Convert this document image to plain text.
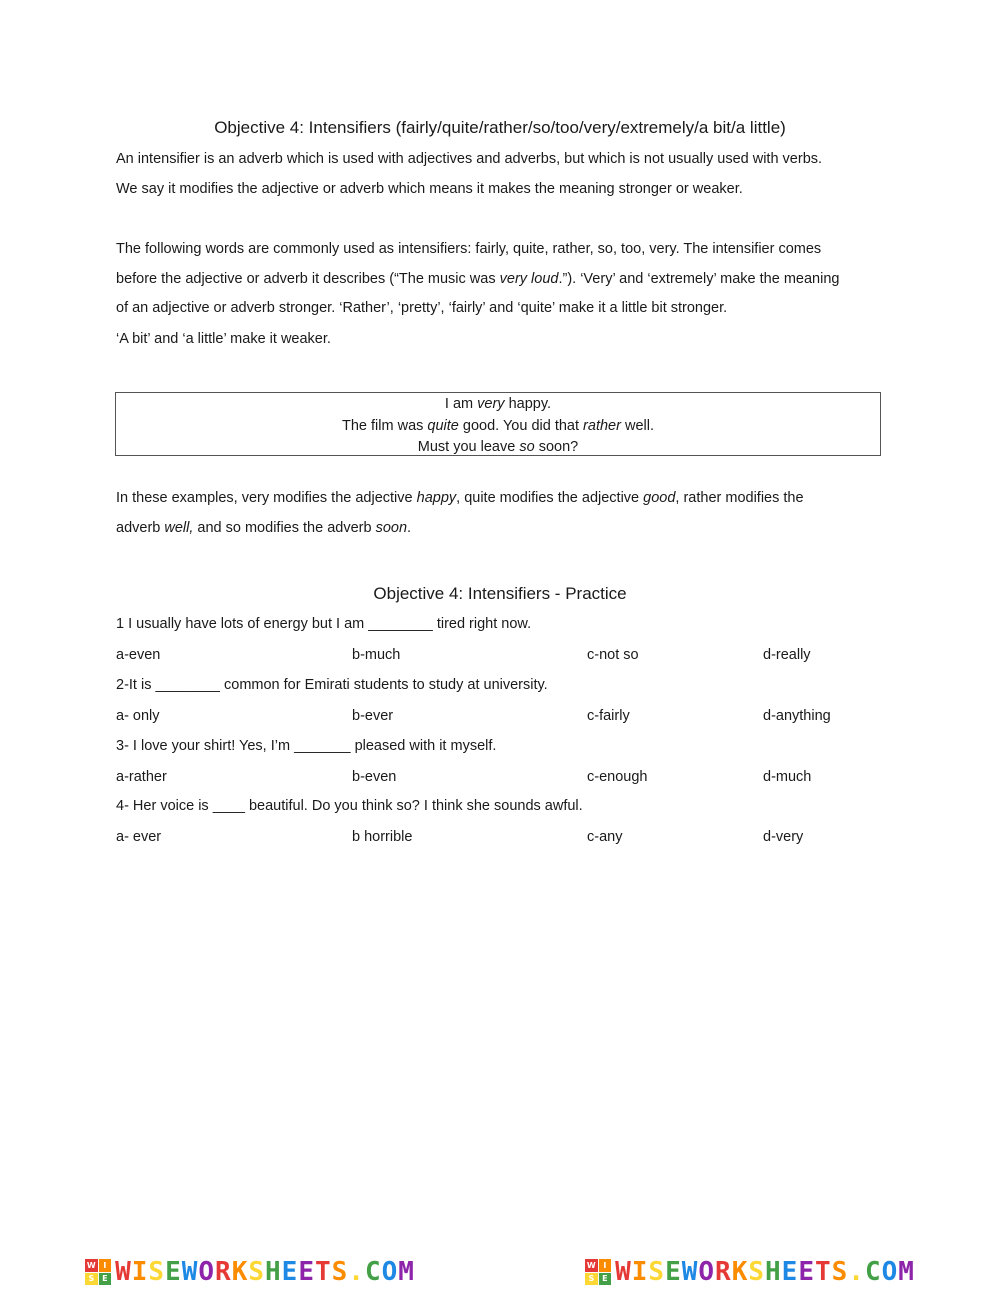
Objective 4: Intensifiers (fairly/quite/rather/so/too/very/extremely/a bit/a little)
An intensifier is an adverb which is used with adjectives and adverbs, but which is not usually used with verbs.
We say it modifies the adjective or adverb which means it makes the meaning stronger or weaker.
The following words are commonly used as intensifiers: fairly, quite, rather, so, too, very. The intensifier comes
before the adjective or adverb it describes (“The music was very loud.”). ‘Very’ and ‘extremely’ make the meaning
of an adjective or adverb stronger. ‘Rather’, ‘pretty’, ‘fairly’ and ‘quite’ make it a little bit stronger.
‘A bit’ and ‘a little’ make it weaker.
I am very happy.
The film was quite good. You did that rather well.
Must you leave so soon?
In these examples, very modifies the adjective happy, quite modifies the adjective good, rather modifies the
adverb well, and so modifies the adverb soon.
Objective 4: Intensifiers - Practice
1 I usually have lots of energy but I am ________ tired right now.
a-even	b-much	c-not so	d-really
2-It is ________ common for Emirati students to study at university.
a- only	b-ever	c-fairly	d-anything
3- I love your shirt! Yes, I’m _______ pleased with it myself.
a-rather	b-even	c-enough	d-much
4- Her voice is ____ beautiful. Do you think so? I think she sounds awful.
a- ever	b horrible	c-any	d-very
W I
S E WISEWORKSHEETS.COM	W I
S E WISEWORKSHEETS.COM
